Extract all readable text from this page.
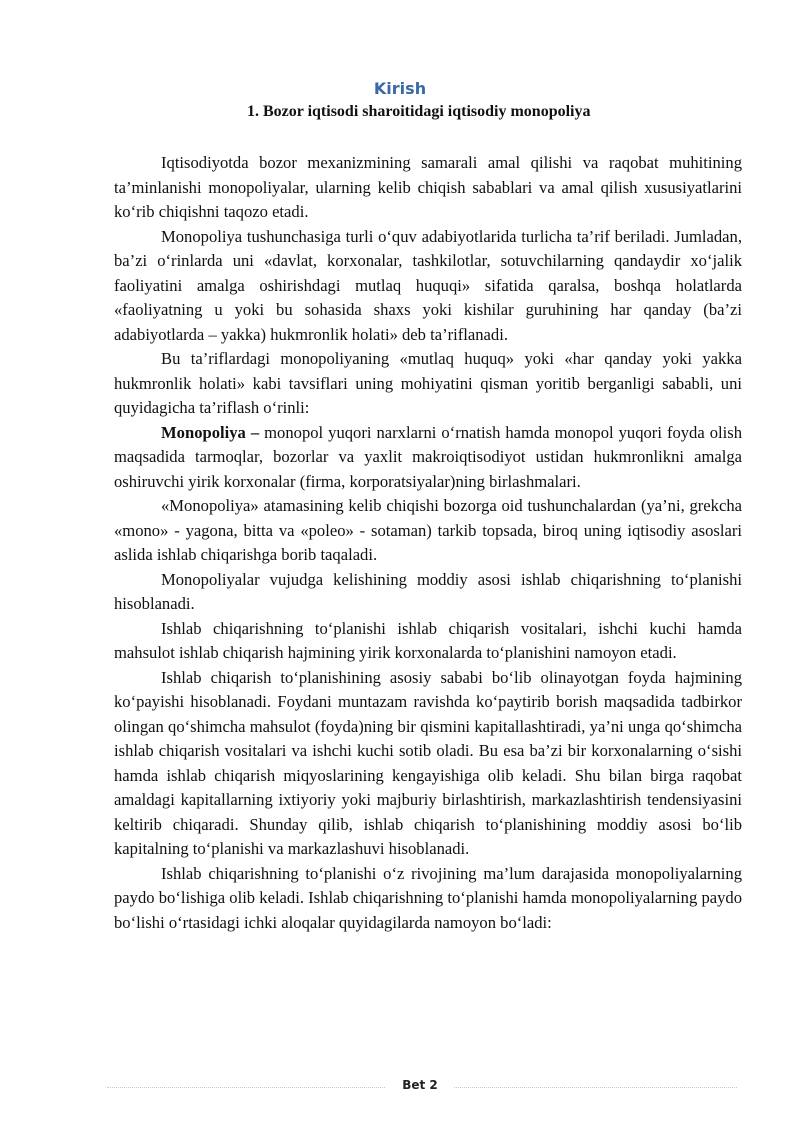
Kirish
1. Bozor iqtisodi sharoitidagi iqtisodiy monopoliya

Iqtisodiyotda bozor mexanizmining samarali amal qilishi va raqobat muhitining ta’minlanishi monopoliyalar, ularning kelib chiqish sabablari va amal qilish xususiyatlarini ko‘rib chiqishni taqozo etadi.

Monopoliya tushunchasiga turli o‘quv adabiyotlarida turlicha ta’rif beriladi. Jumladan, ba’zi o‘rinlarda uni «davlat, korxonalar, tashkilotlar, sotuvchilarning qandaydir xo‘jalik faoliyatini amalga oshirishdagi mutlaq huquqi» sifatida qaralsa, boshqa holatlarda «faoliyatning u yoki bu sohasida shaxs yoki kishilar guruhining har qanday (ba’zi adabiyotlarda – yakka) hukmronlik holati» deb ta’riflanadi.

Bu ta’riflardagi monopoliyaning «mutlaq huquq» yoki «har qanday yoki yakka hukmronlik holati» kabi tavsiflari uning mohiyatini qisman yoritib berganligi sababli, uni quyidagicha ta’riflash o‘rinli:

Monopoliya – monopol yuqori narxlarni o‘rnatish hamda monopol yuqori foyda olish maqsadida tarmoqlar, bozorlar va yaxlit makroiqtisodiyot ustidan hukmronlikni amalga oshiruvchi yirik korxonalar (firma, korporatsiyalar)ning birlashmalari.

«Monopoliya» atamasining kelib chiqishi bozorga oid tushunchalardan (ya’ni, grekcha «mono» - yagona, bitta va «poleo» - sotaman) tarkib topsada, biroq uning iqtisodiy asoslari aslida ishlab chiqarishga borib taqaladi.

Monopoliyalar vujudga kelishining moddiy asosi ishlab chiqarishning to‘planishi hisoblanadi.

Ishlab chiqarishning to‘planishi ishlab chiqarish vositalari, ishchi kuchi hamda mahsulot ishlab chiqarish hajmining yirik korxonalarda to‘planishini namoyon etadi.

Ishlab chiqarish to‘planishining asosiy sababi bo‘lib olinayotgan foyda hajmining ko‘payishi hisoblanadi. Foydani muntazam ravishda ko‘paytirib borish maqsadida tadbirkor olingan qo‘shimcha mahsulot (foyda)ning bir qismini kapitallashtiradi, ya’ni unga qo‘shimcha ishlab chiqarish vositalari va ishchi kuchi sotib oladi. Bu esa ba’zi bir korxonalarning o‘sishi hamda ishlab chiqarish miqyoslarining kengayishiga olib keladi. Shu bilan birga raqobat amaldagi kapitallarning ixtiyoriy yoki majburiy birlashtirish, markazlashtirish tendensiyasini keltirib chiqaradi. Shunday qilib, ishlab chiqarish to‘planishining moddiy asosi bo‘lib kapitalning to‘planishi va markazlashuvi hisoblanadi.

Ishlab chiqarishning to‘planishi o‘z rivojining ma’lum darajasida monopoliyalarning paydo bo‘lishiga olib keladi. Ishlab chiqarishning to‘planishi hamda monopoliyalarning paydo bo‘lishi o‘rtasidagi ichki aloqalar quyidagilarda namoyon bo‘ladi:

Bet 2
